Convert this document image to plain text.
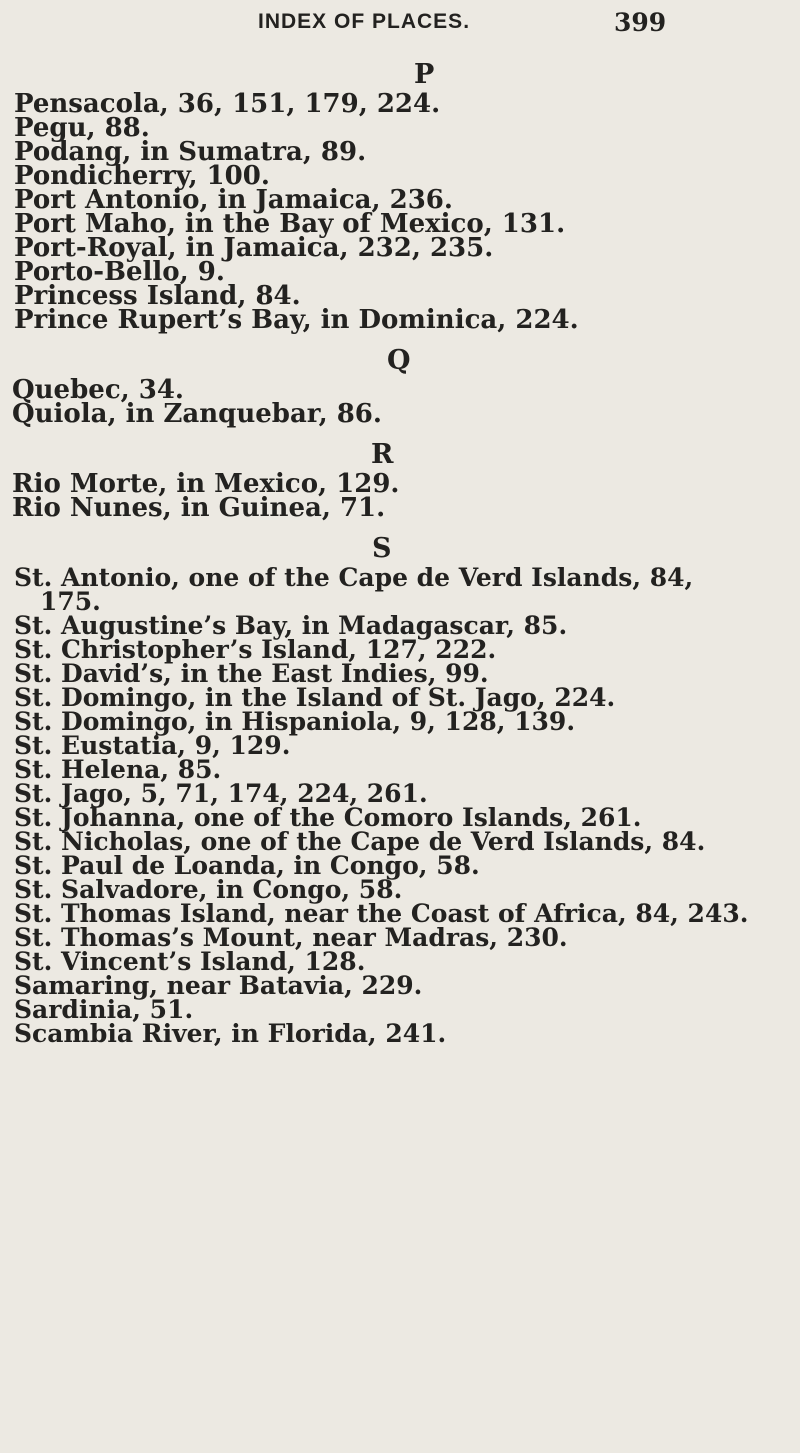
INDEX OF PLACES.	399
P
Pensacola, 36, 151, 179, 224.
Pegu, 88.
Podang, in Sumatra, 89.
Pondicherry, 100.
Port Antonio, in Jamaica, 236.
Port Maho, in the Bay of Mexico, 131.
Port-Royal, in Jamaica, 232, 235.
Porto-Bello, 9.
Princess Island, 84.
Prince Rupert’s Bay, in Dominica, 224.
Q
Quebec, 34.
Quiola, in Zanquebar, 86.
R
Rio Morte, in Mexico, 129.
Rio Nunes, in Guinea, 71.
S
St. Antonio, one of the Cape de Verd Islands, 84,
175.
St. Augustine’s Bay, in Madagascar, 85.
St. Christopher’s Island, 127, 222.
St. David’s, in the East Indies, 99.
St. Domingo, in the Island of St. Jago, 224.
St. Domingo, in Hispaniola, 9, 128, 139.
St. Eustatia, 9, 129.
St. Helena, 85.
St. Jago, 5, 71, 174, 224, 261.
St. Johanna, one of the Comoro Islands, 261.
St. Nicholas, one of the Cape de Verd Islands, 84.
St. Paul de Loanda, in Congo, 58.
St. Salvadore, in Congo, 58.
St. Thomas Island, near the Coast of Africa, 84, 243.
St. Thomas’s Mount, near Madras, 230.
St. Vincent’s Island, 128.
Samaring, near Batavia, 229.
Sardinia, 51.
Scambia River, in Florida, 241.
